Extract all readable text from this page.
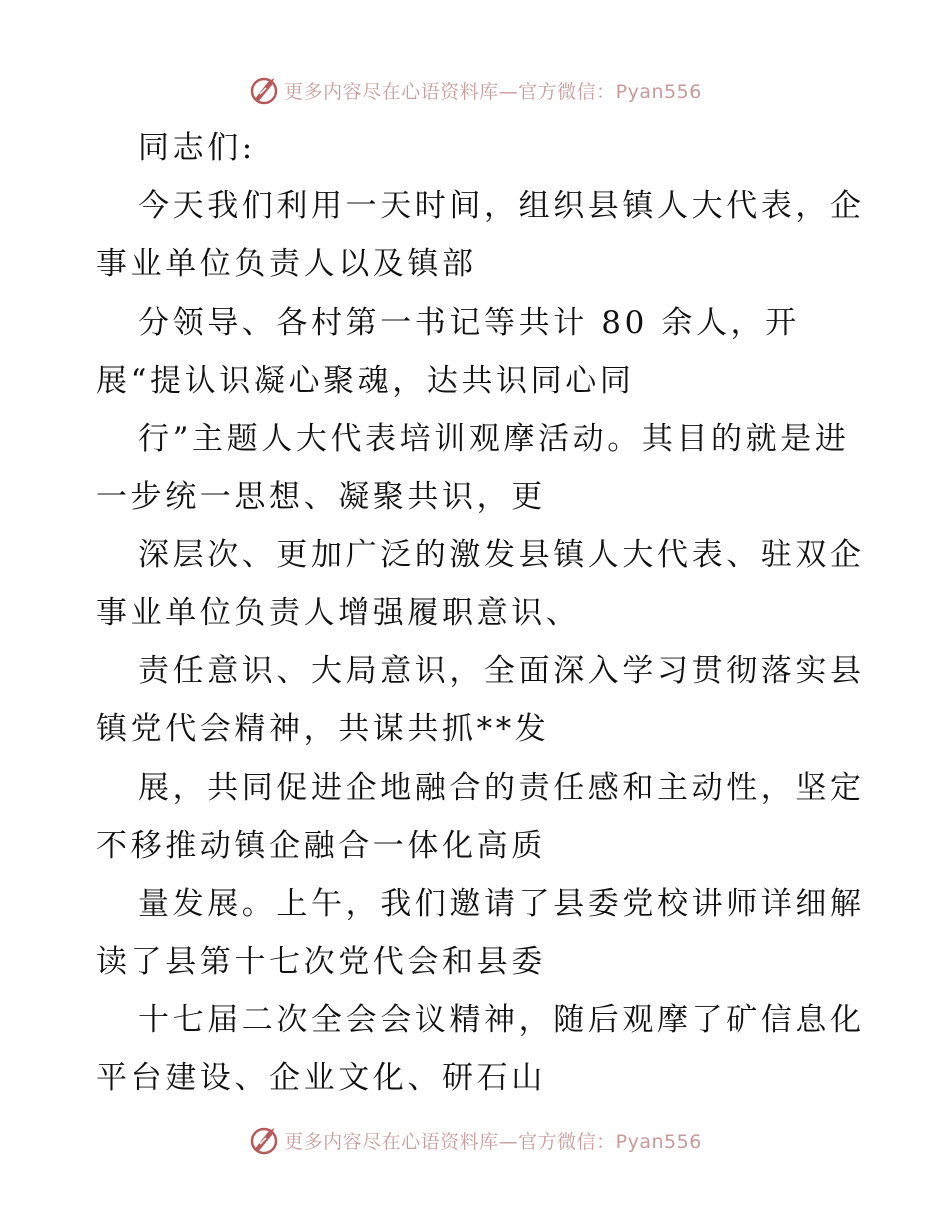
更多内容尽在心语资料库—官方微信：Pyan556
同志们:
今天我们利用一天时间，组织县镇人大代表，企
事业单位负责人以及镇部
分领导、各村第一书记等共计 80 余人，开
展“提认识凝心聚魂，达共识同心同
行”主题人大代表培训观摩活动。其目的就是进
一步统一思想、凝聚共识，更
深层次、更加广泛的激发县镇人大代表、驻双企
事业单位负责人增强履职意识、
责任意识、大局意识，全面深入学习贯彻落实县
镇党代会精神，共谋共抓**发
展，共同促进企地融合的责任感和主动性，坚定
不移推动镇企融合一体化高质
量发展。上午，我们邀请了县委党校讲师详细解
读了县第十七次党代会和县委
十七届二次全会会议精神，随后观摩了矿信息化
平台建设、企业文化、研石山
更多内容尽在心语资料库—官方微信：Pyan556
